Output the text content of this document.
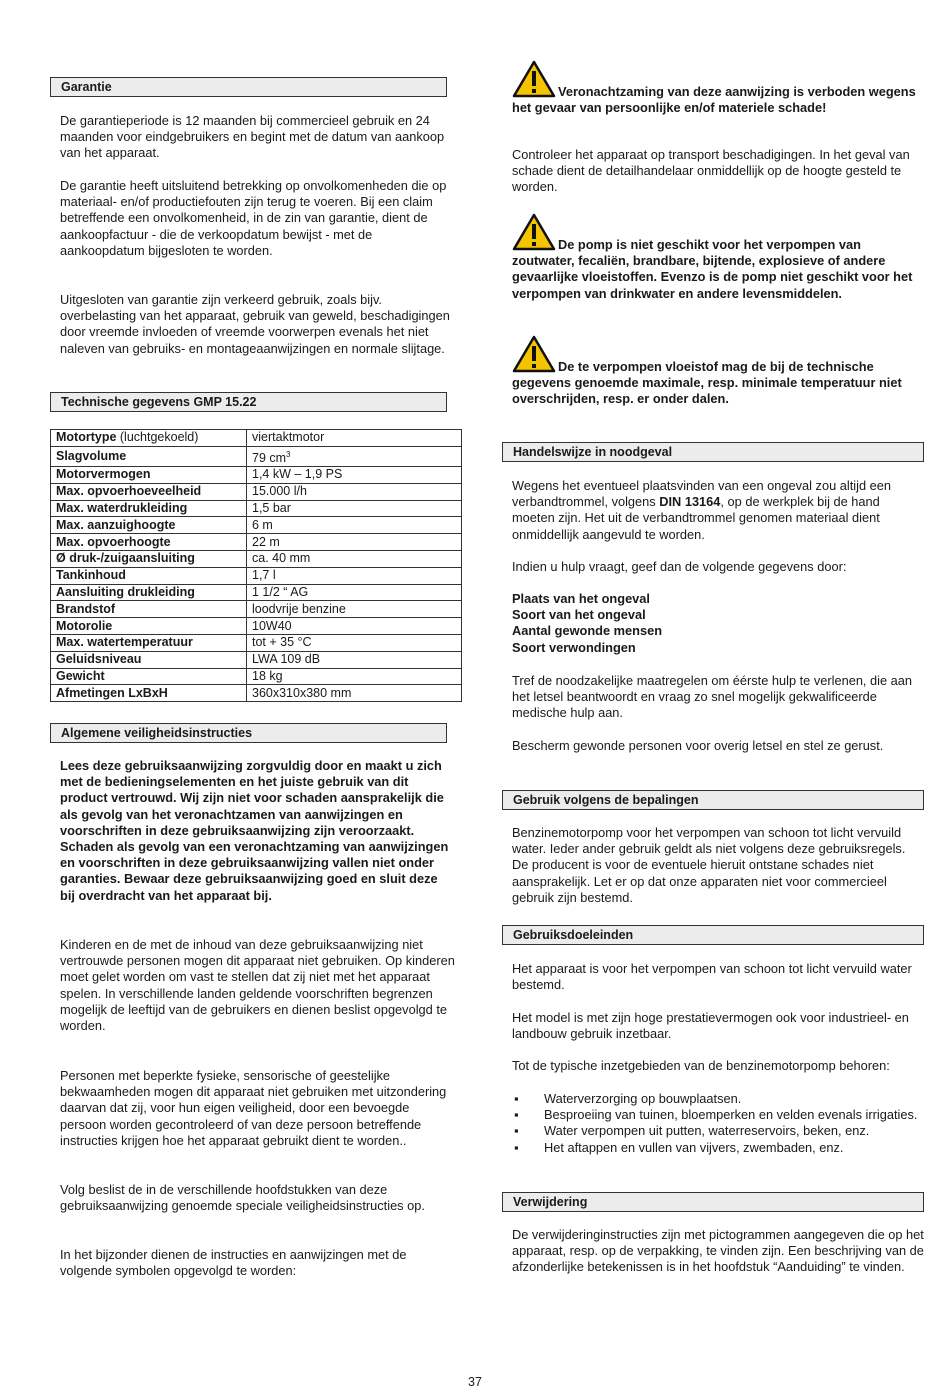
Garantie

De garantieperiode is 12 maanden bij commercieel gebruik en 24 maanden voor eindgebruikers en begint met de datum van aankoop van het apparaat.

De garantie heeft uitsluitend betrekking op onvolkomenheden die op materiaal- en/of productiefouten zijn terug te voeren. Bij een claim betreffende een onvolkomenheid, in de zin van garantie, dient de aankoopfactuur - die de verkoopdatum bewijst - met de aankoopdatum bijgesloten te worden.

Uitgesloten van garantie zijn verkeerd gebruik, zoals bijv. overbelasting van het apparaat, gebruik van geweld, beschadigingen door vreemde invloeden of vreemde voorwerpen evenals het niet naleven van gebruiks- en montageaanwijzingen en normale slijtage.

Technische gegevens GMP 15.22
Motortype (luchtgekoeld)	viertaktmotor
Slagvolume	79 $cm^3$
Motorvermogen	1,4 kW – 1,9 PS
Max. opvoerhoeveelheid	15.000 l/h
Max. waterdrukleiding	1,5 bar
Max. aanzuighoogte	6 m
Max. opvoerhoogte	22 m
Ø druk-/zuigaansluiting	ca. 40 mm
Tankinhoud	1,7 l
Aansluiting drukleiding	1 1/2 “ AG
Brandstof	loodvrije benzine
Motorolie	10W40
Max. watertemperatuur	tot + 35 °C
Geluidsniveau	LWA 109 dB
Gewicht	18 kg
Afmetingen LxBxH	360x310x380 mm
Algemene veiligheidsinstructies

Lees deze gebruiksaanwijzing zorgvuldig door en maakt u zich met de bedieningselementen en het juiste gebruik van dit product vertrouwd. Wij zijn niet voor schaden aansprakelijk die als gevolg van het veronachtzamen van aanwijzingen en voorschriften in deze gebruiksaanwijzing zijn veroorzaakt. Schaden als gevolg van een veronachtzaming van aanwijzingen en voorschriften in deze gebruiksaanwijzing vallen niet onder garanties. Bewaar deze gebruiksaanwijzing goed en sluit deze bij overdracht van het apparaat bij.

Kinderen en de met de inhoud van deze gebruiksaanwijzing niet vertrouwde personen mogen dit apparaat niet gebruiken. Op kinderen moet gelet worden om vast te stellen dat zij niet met het apparaat spelen. In verschillende landen geldende voorschriften begrenzen mogelijk de leeftijd van de gebruikers en dienen beslist opgevolgd te worden.

Personen met beperkte fysieke, sensorische of geestelijke bekwaamheden mogen dit apparaat niet gebruiken met uitzondering daarvan dat zij, voor hun eigen veiligheid, door een bevoegde persoon worden gecontroleerd of van deze persoon betreffende instructies krijgen hoe het apparaat gebruikt dient te worden..

Volg beslist de in de verschillende hoofdstukken van deze gebruiksaanwijzing genoemde speciale veiligheidsinstructies op.

In het bijzonder dienen de instructies en aanwijzingen met de volgende symbolen opgevolgd te worden:

Veronachtzaming van deze aanwijzing is verboden wegens het gevaar van persoonlijke en/of materiele schade!

Controleer het apparaat op transport beschadigingen. In het geval van schade dient de detailhandelaar onmiddellijk op de hoogte gesteld te worden.

De pomp is niet geschikt voor het verpompen van zoutwater, fecaliën, brandbare, bijtende, explosieve of andere gevaarlijke vloeistoffen. Evenzo is de pomp niet geschikt voor het verpompen van drinkwater en andere levensmiddelen.
De te verpompen vloeistof mag de bij de technische gegevens genoemde maximale, resp. minimale temperatuur niet overschrijden, resp. er onder dalen.
Handelswijze in noodgeval

Wegens het eventueel plaatsvinden van een ongeval zou altijd een verbandtrommel, volgens DIN 13164, op de werkplek bij de hand moeten zijn. Het uit de verbandtrommel genomen materiaal dient onmiddellijk aangevuld te worden.

Indien u hulp vraagt, geef dan de volgende gegevens door:

Plaats van het ongeval
Soort van het ongeval
Aantal gewonde mensen
Soort verwondingen

Tref de noodzakelijke maatregelen om éérste hulp te verlenen, die aan het letsel beantwoordt en vraag zo snel mogelijk gekwalificeerde medische hulp aan.

Bescherm gewonde personen voor overig letsel en stel ze gerust.

Gebruik volgens de bepalingen

Benzinemotorpomp voor het verpompen van schoon tot licht vervuild water. Ieder ander gebruik geldt als niet volgens deze gebruiksregels. De producent is voor de eventuele hieruit ontstane schades niet aansprakelijk. Let er op dat onze apparaten niet voor commercieel gebruik zijn bestemd.

Gebruiksdoeleinden

Het apparaat is voor het verpompen van schoon tot licht vervuild water bestemd.

Het model is met zijn hoge prestatievermogen ook voor industrieel- en landbouw gebruik inzetbaar.

Tot de typische inzetgebieden van de benzinemotorpomp behoren:

▪ Waterverzorging op bouwplaatsen.
▪ Besproeiing van tuinen, bloemperken en velden evenals irrigaties.
▪ Water verpompen uit putten, waterreservoirs, beken, enz.
▪ Het aftappen en vullen van vijvers, zwembaden, enz.
Verwijdering

De verwijderinginstructies zijn met pictogrammen aangegeven die op het apparaat, resp. op de verpakking, te vinden zijn. Een beschrijving van de afzonderlijke betekenissen is in het hoofdstuk “Aanduiding” te vinden.

37
